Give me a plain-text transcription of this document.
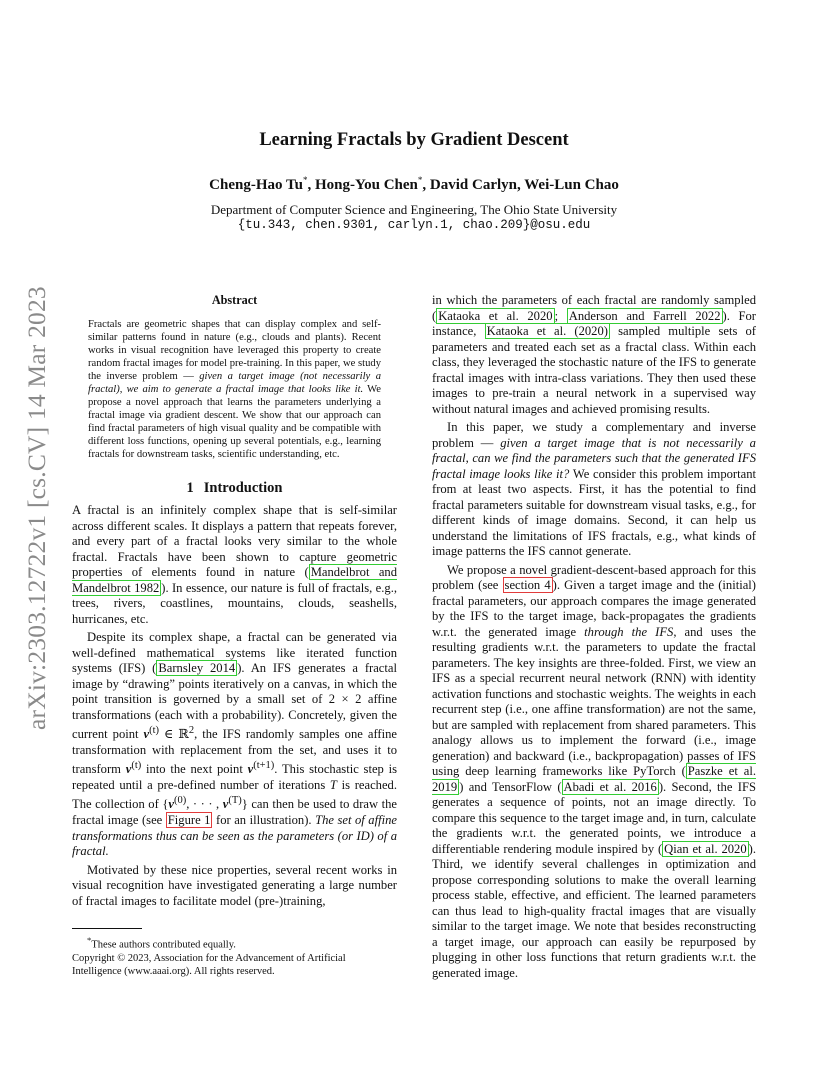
arXiv:2303.12722v1 [cs.CV] 14 Mar 2023
Learning Fractals by Gradient Descent
Cheng-Hao Tu*, Hong-You Chen*, David Carlyn, Wei-Lun Chao
Department of Computer Science and Engineering, The Ohio State University
{tu.343, chen.9301, carlyn.1, chao.209}@osu.edu
Abstract
Fractals are geometric shapes that can display complex and self-similar patterns found in nature (e.g., clouds and plants). Recent works in visual recognition have leveraged this property to create random fractal images for model pre-training. In this paper, we study the inverse problem — given a target image (not necessarily a fractal), we aim to generate a fractal image that looks like it. We propose a novel approach that learns the parameters underlying a fractal image via gradient descent. We show that our approach can find fractal parameters of high visual quality and be compatible with different loss functions, opening up several potentials, e.g., learning fractals for downstream tasks, scientific understanding, etc.
1 Introduction

A fractal is an infinitely complex shape that is self-similar across different scales. It displays a pattern that repeats forever, and every part of a fractal looks very similar to the whole fractal. Fractals have been shown to capture geometric properties of elements found in nature ( Mandelbrot and Mandelbrot 1982 ). In essence, our nature is full of fractals, e.g., trees, rivers, coastlines, mountains, clouds, seashells, hurricanes, etc.

Despite its complex shape, a fractal can be generated via well-defined mathematical systems like iterated function systems (IFS) ( Barnsley 2014 ). An IFS generates a fractal image by “drawing” points iteratively on a canvas, in which the point transition is governed by a small set of 2 × 2 affine transformations (each with a probability). Concretely, given the current point $v^{(t)}$ ∈ ℝ$^2$, the IFS randomly samples one affine transformation with replacement from the set, and uses it to transform $v^{(t)}$ into the next point $v^{(t+1)}$. This stochastic step is repeated until a pre-defined number of iterations T is reached. The collection of {$v^{(0)}$, · · · , $v^{(T)}$} can then be used to draw the fractal image (see Figure 1 for an illustration). The set of affine transformations thus can be seen as the parameters (or ID) of a fractal.

Motivated by these nice properties, several recent works in visual recognition have investigated generating a large number of fractal images to facilitate model (pre-)training,

*These authors contributed equally.

Copyright © 2023, Association for the Advancement of Artificial Intelligence (www.aaai.org). All rights reserved.

in which the parameters of each fractal are randomly sampled ( Kataoka et al. 2020 ; Anderson and Farrell 2022 ). For instance, Kataoka et al. (2020) sampled multiple sets of parameters and treated each set as a fractal class. Within each class, they leveraged the stochastic nature of the IFS to generate fractal images with intra-class variations. They then used these images to pre-train a neural network in a supervised way without natural images and achieved promising results.

In this paper, we study a complementary and inverse problem — given a target image that is not necessarily a fractal, can we find the parameters such that the generated IFS fractal image looks like it? We consider this problem important from at least two aspects. First, it has the potential to find fractal parameters suitable for downstream visual tasks, e.g., for different kinds of image domains. Second, it can help us understand the limitations of IFS fractals, e.g., what kinds of image patterns the IFS cannot generate.

We propose a novel gradient-descent-based approach for this problem (see section 4 ). Given a target image and the (initial) fractal parameters, our approach compares the image generated by the IFS to the target image, back-propagates the gradients w.r.t. the generated image through the IFS, and uses the resulting gradients w.r.t. the parameters to update the fractal parameters. The key insights are three-folded. First, we view an IFS as a special recurrent neural network (RNN) with identity activation functions and stochastic weights. The weights in each recurrent step (i.e., one affine transformation) are not the same, but are sampled with replacement from shared parameters. This analogy allows us to implement the forward (i.e., image generation) and backward (i.e., backpropagation) passes of IFS using deep learning frameworks like PyTorch ( Paszke et al. 2019 ) and TensorFlow ( Abadi et al. 2016 ). Second, the IFS generates a sequence of points, not an image directly. To compare this sequence to the target image and, in turn, calculate the gradients w.r.t. the generated points, we introduce a differentiable rendering module inspired by ( Qian et al. 2020 ). Third, we identify several challenges in optimization and propose corresponding solutions to make the overall learning process stable, effective, and efficient. The learned parameters can thus lead to high-quality fractal images that are visually similar to the target image. We note that besides reconstructing a target image, our approach can easily be repurposed by plugging in other loss functions that return gradients w.r.t. the generated image.
